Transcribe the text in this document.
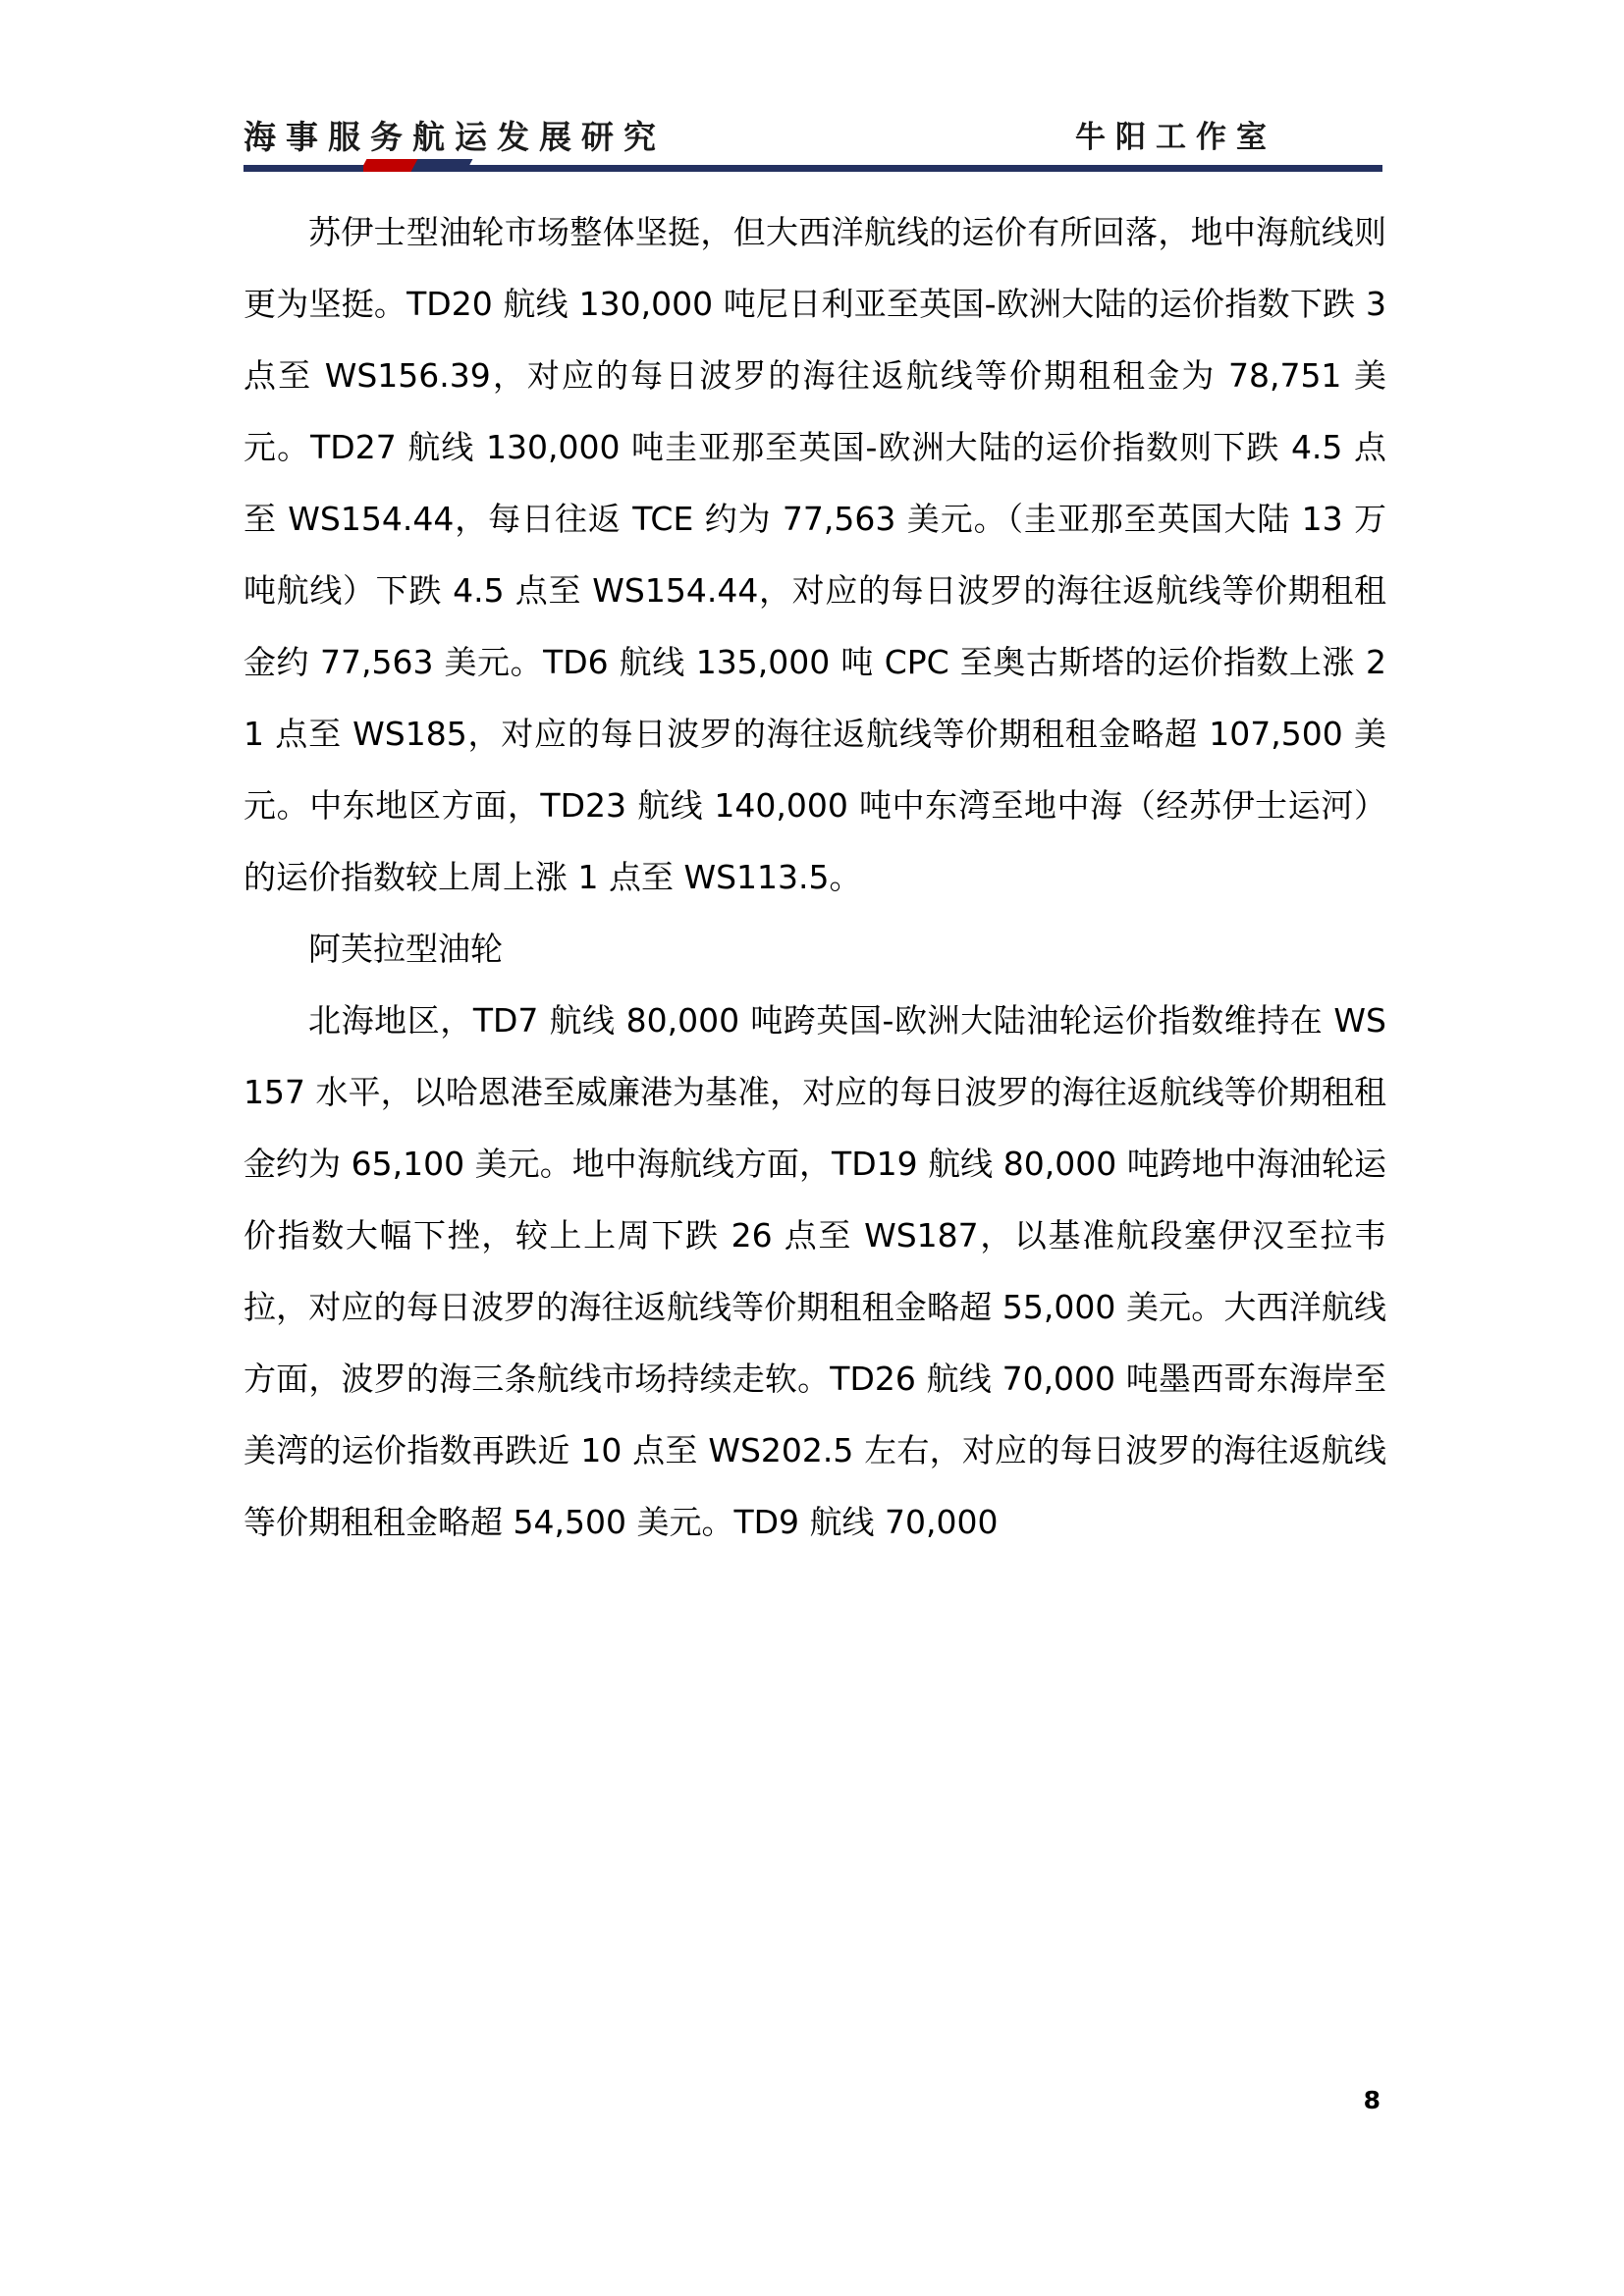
海事服务航运发展研究	牛阳工作室

苏伊士型油轮市场整体坚挺，但大西洋航线的运价有所回落，地中海航线则更为坚挺。TD20 航线 130,000 吨尼日利亚至英国-欧洲大陆的运价指数下跌 3 点至 WS156.39，对应的每日波罗的海往返航线等价期租租金为 78,751 美元。TD27 航线 130,000 吨圭亚那至英国-欧洲大陆的运价指数则下跌 4.5 点至 WS154.44，每日往返 TCE 约为 77,563 美元。（圭亚那至英国大陆 13 万吨航线）下跌 4.5 点至 WS154.44，对应的每日波罗的海往返航线等价期租租金约 77,563 美元。TD6 航线 135,000 吨 CPC 至奥古斯塔的运价指数上涨 21 点至 WS185，对应的每日波罗的海往返航线等价期租租金略超 107,500 美元。中东地区方面，TD23 航线 140,000 吨中东湾至地中海（经苏伊士运河）的运价指数较上周上涨 1 点至 WS113.5。

阿芙拉型油轮

北海地区，TD7 航线 80,000 吨跨英国-欧洲大陆油轮运价指数维持在 WS157 水平，以哈恩港至威廉港为基准，对应的每日波罗的海往返航线等价期租租金约为 65,100 美元。地中海航线方面，TD19 航线 80,000 吨跨地中海油轮运价指数大幅下挫，较上上周下跌 26 点至 WS187，以基准航段塞伊汉至拉韦拉，对应的每日波罗的海往返航线等价期租租金略超 55,000 美元。大西洋航线方面，波罗的海三条航线市场持续走软。TD26 航线 70,000 吨墨西哥东海岸至美湾的运价指数再跌近 10 点至 WS202.5 左右，对应的每日波罗的海往返航线等价期租租金略超 54,500 美元。TD9 航线 70,000

8
